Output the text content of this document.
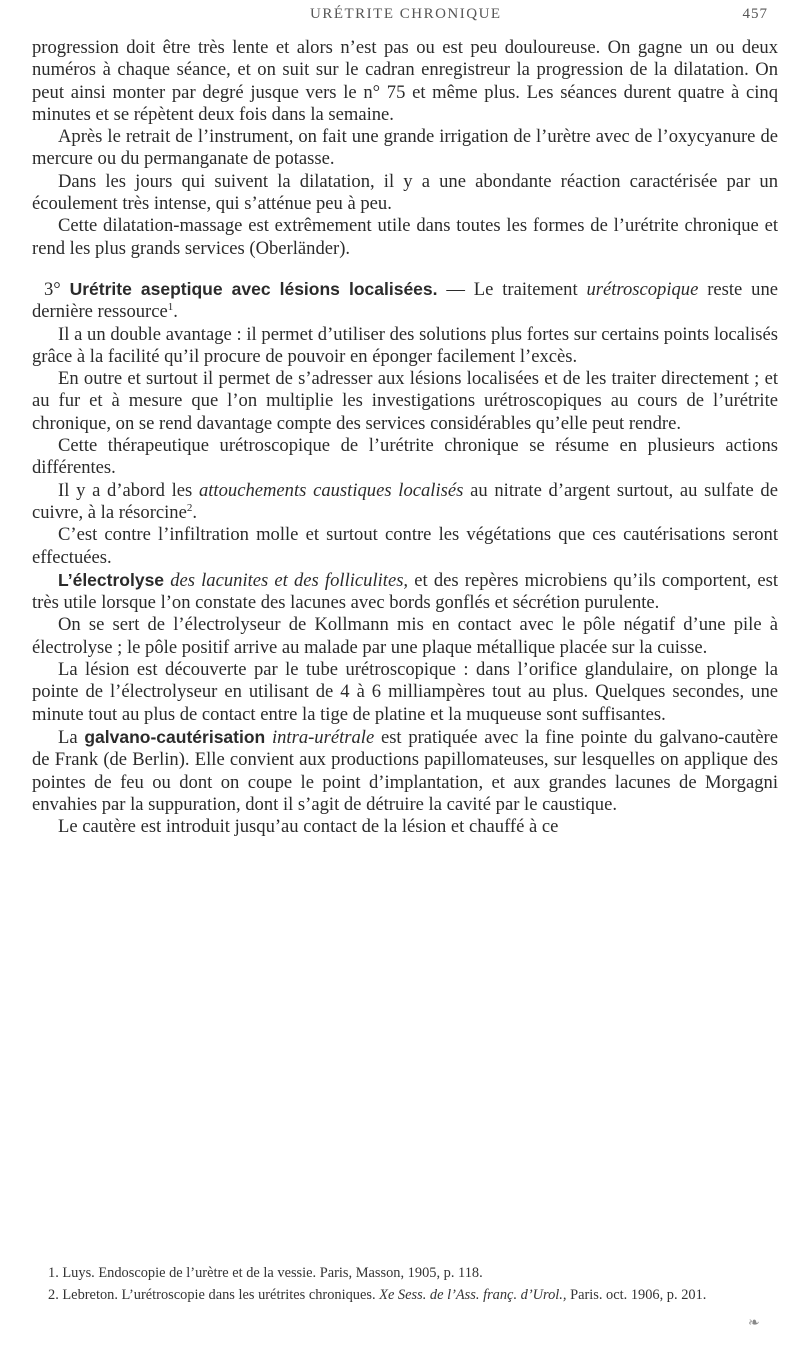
URÉTRITE CHRONIQUE	457

progression doit être très lente et alors n’est pas ou est peu douloureuse. On gagne un ou deux numéros à chaque séance, et on suit sur le cadran enregistreur la progression de la dilatation. On peut ainsi monter par degré jusque vers le n° 75 et même plus. Les séances durent quatre à cinq minutes et se répètent deux fois dans la semaine.

Après le retrait de l’instrument, on fait une grande irrigation de l’urètre avec de l’oxycyanure de mercure ou du permanganate de potasse.

Dans les jours qui suivent la dilatation, il y a une abondante réaction caractérisée par un écoulement très intense, qui s’atténue peu à peu.

Cette dilatation-massage est extrêmement utile dans toutes les formes de l’urétrite chronique et rend les plus grands services (Oberländer).

3° Urétrite aseptique avec lésions localisées. — Le traitement urétroscopique reste une dernière ressource$^1$.

Il a un double avantage : il permet d’utiliser des solutions plus fortes sur certains points localisés grâce à la facilité qu’il procure de pouvoir en éponger facilement l’excès.

En outre et surtout il permet de s’adresser aux lésions localisées et de les traiter directement ; et au fur et à mesure que l’on multiplie les investigations urétroscopiques au cours de l’urétrite chronique, on se rend davantage compte des services considérables qu’elle peut rendre.

Cette thérapeutique urétroscopique de l’urétrite chronique se résume en plusieurs actions différentes.

Il y a d’abord les attouchements caustiques localisés au nitrate d’argent surtout, au sulfate de cuivre, à la résorcine$^2$.

C’est contre l’infiltration molle et surtout contre les végétations que ces cautérisations seront effectuées.

L’électrolyse des lacunites et des folliculites, et des repères microbiens qu’ils comportent, est très utile lorsque l’on constate des lacunes avec bords gonflés et sécrétion purulente.

On se sert de l’électrolyseur de Kollmann mis en contact avec le pôle négatif d’une pile à électrolyse ; le pôle positif arrive au malade par une plaque métallique placée sur la cuisse.

La lésion est découverte par le tube urétroscopique : dans l’orifice glandulaire, on plonge la pointe de l’électrolyseur en utilisant de 4 à 6 milliampères tout au plus. Quelques secondes, une minute tout au plus de contact entre la tige de platine et la muqueuse sont suffisantes.

La galvano-cautérisation intra-urétrale est pratiquée avec la fine pointe du galvano-cautère de Frank (de Berlin). Elle convient aux productions papillomateuses, sur lesquelles on applique des pointes de feu ou dont on coupe le point d’implantation, et aux grandes lacunes de Morgagni envahies par la suppuration, dont il s’agit de détruire la cavité par le caustique.

Le cautère est introduit jusqu’au contact de la lésion et chauffé à ce

1. Luys. Endoscopie de l’urètre et de la vessie. Paris, Masson, 1905, p. 118.

2. Lebreton. L’urétroscopie dans les urétrites chroniques. Xe Sess. de l’Ass. franç. d’Urol., Paris. oct. 1906, p. 201.

❧
